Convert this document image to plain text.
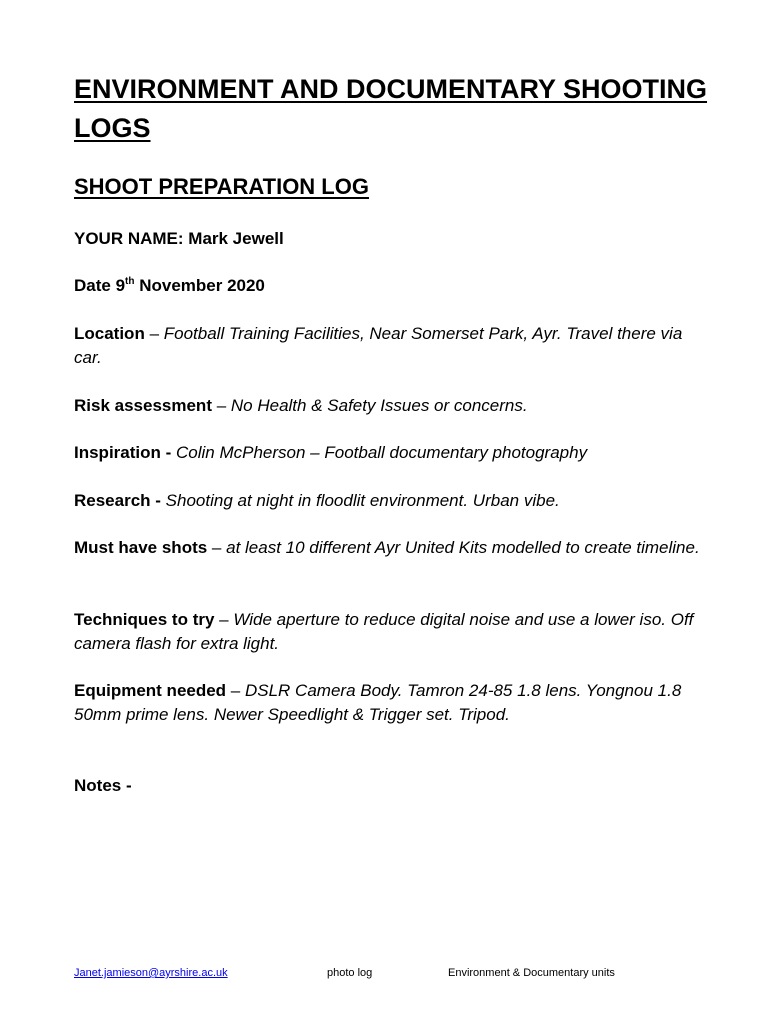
ENVIRONMENT AND DOCUMENTARY SHOOTING LOGS
SHOOT PREPARATION LOG

YOUR NAME: Mark Jewell

Date 9th November 2020

Location – Football Training Facilities, Near Somerset Park, Ayr. Travel there via car.

Risk assessment – No Health & Safety Issues or concerns.

Inspiration - Colin McPherson – Football documentary photography

Research - Shooting at night in floodlit environment. Urban vibe.

Must have shots – at least 10 different Ayr United Kits modelled to create timeline.

Techniques to try – Wide aperture to reduce digital noise and use a lower iso. Off camera flash for extra light.

Equipment needed – DSLR Camera Body. Tamron 24-85 1.8 lens. Yongnou 1.8 50mm prime lens. Newer Speedlight & Trigger set. Tripod.

Notes -

Janet.jamieson@ayrshire.ac.uk	photo log	Environment & Documentary units
